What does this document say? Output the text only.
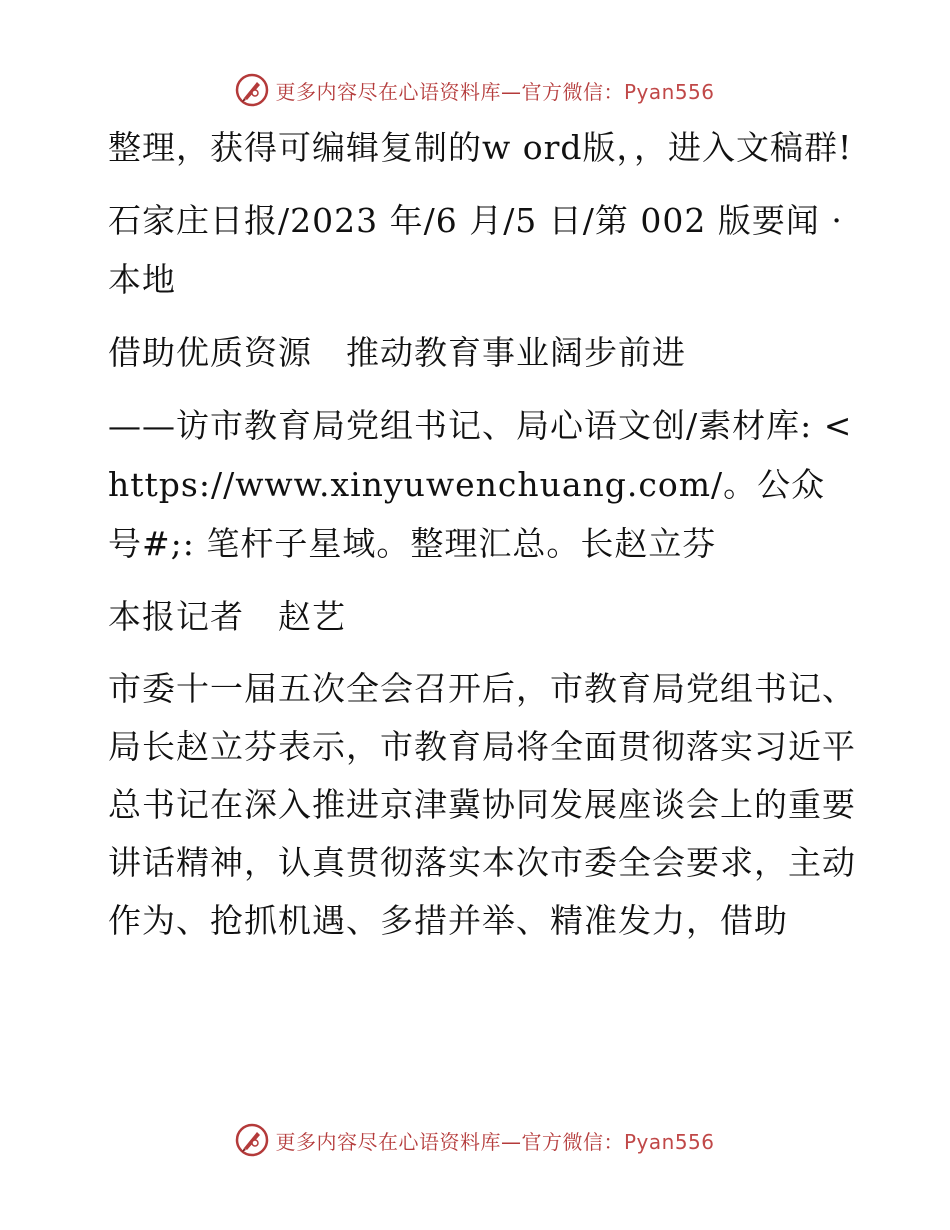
更多内容尽在心语资料库—官方微信：Pyan556

整理，获得可编辑复制的w ord版，，进入文稿群!

石家庄日报/2023 年/6 月/5 日/第 002 版要闻 · 本地

借助优质资源　推动教育事业阔步前进

——访市教育局党组书记、局心语文创/素材库: <https://www.xinyuwenchuang.com/。公众号#;: 笔杆子星域。整理汇总。长赵立芬

本报记者　赵艺

市委十一届五次全会召开后，市教育局党组书记、局长赵立芬表示，市教育局将全面贯彻落实习近平总书记在深入推进京津冀协同发展座谈会上的重要讲话精神，认真贯彻落实本次市委全会要求，主动作为、抢抓机遇、多措并举、精准发力，借助

更多内容尽在心语资料库—官方微信：Pyan556
